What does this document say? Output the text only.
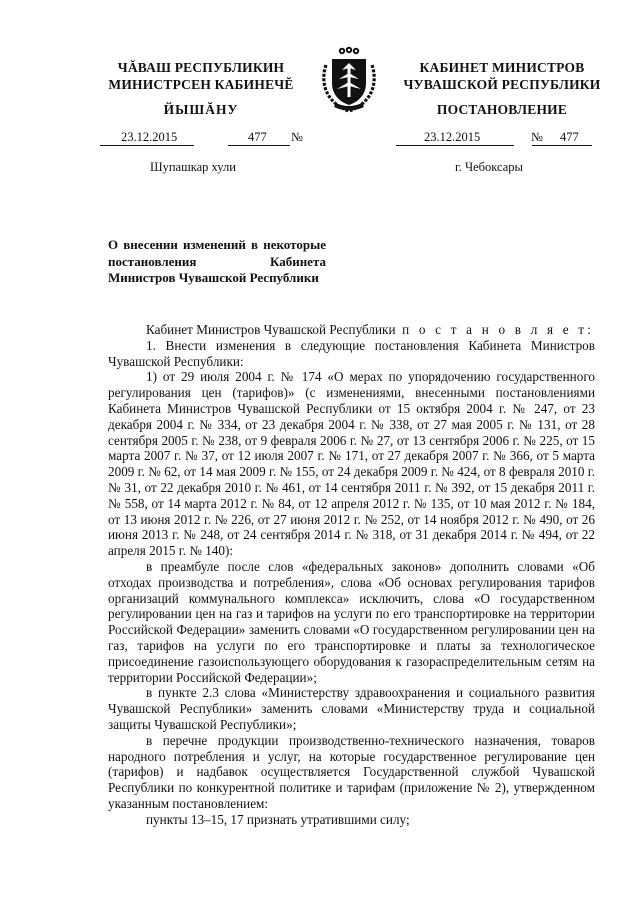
ЧĂВАШ РЕСПУБЛИКИН
МИНИСТРСЕН КАБИНЕЧĔ
КАБИНЕТ МИНИСТРОВ
ЧУВАШСКОЙ РЕСПУБЛИКИ
ЙЫШĂНУ	ПОСТАНОВЛЕНИЕ
23.12.2015	477 №	23.12.2015	№ 477
Шупашкар хули	г. Чебоксары
О внесении изменений в некоторые постановления Кабинета Министров Чувашской Республики

Кабинет Министров Чувашской Республики п о с т а н о в л я е т:

1. Внести изменения в следующие постановления Кабинета Министров Чувашской Республики:

1) от 29 июля 2004 г. № 174 «О мерах по упорядочению государственного регулирования цен (тарифов)» (с изменениями, внесенными постановлениями Кабинета Министров Чувашской Республики от 15 октября 2004 г. № 247, от 23 декабря 2004 г. № 334, от 23 декабря 2004 г. № 338, от 27 мая 2005 г. № 131, от 28 сентября 2005 г. № 238, от 9 февраля 2006 г. № 27, от 13 сентября 2006 г. № 225, от 15 марта 2007 г. № 37, от 12 июля 2007 г. № 171, от 27 декабря 2007 г. № 366, от 5 марта 2009 г. № 62, от 14 мая 2009 г. № 155, от 24 декабря 2009 г. № 424, от 8 февраля 2010 г. № 31, от 22 декабря 2010 г. № 461, от 14 сентября 2011 г. № 392, от 15 декабря 2011 г. № 558, от 14 марта 2012 г. № 84, от 12 апреля 2012 г. № 135, от 10 мая 2012 г. № 184, от 13 июня 2012 г. № 226, от 27 июня 2012 г. № 252, от 14 ноября 2012 г. № 490, от 26 июня 2013 г. № 248, от 24 сентября 2014 г. № 318, от 31 декабря 2014 г. № 494, от 22 апреля 2015 г. № 140):

в преамбуле после слов «федеральных законов» дополнить словами «Об отходах производства и потребления», слова «Об основах регулирования тарифов организаций коммунального комплекса» исключить, слова «О государственном регулировании цен на газ и тарифов на услуги по его транспортировке на территории Российской Федерации» заменить словами «О государственном регулировании цен на газ, тарифов на услуги по его транспортировке и платы за технологическое присоединение газоиспользующего оборудования к газораспределительным сетям на территории Российской Федерации»;

в пункте 2.3 слова «Министерству здравоохранения и социального развития Чувашской Республики» заменить словами «Министерству труда и социальной защиты Чувашской Республики»;

в перечне продукции производственно-технического назначения, товаров народного потребления и услуг, на которые государственное регулирование цен (тарифов) и надбавок осуществляется Государственной службой Чувашской Республики по конкурентной политике и тарифам (приложение № 2), утвержденном указанным постановлением:

пункты 13–15, 17 признать утратившими силу;
